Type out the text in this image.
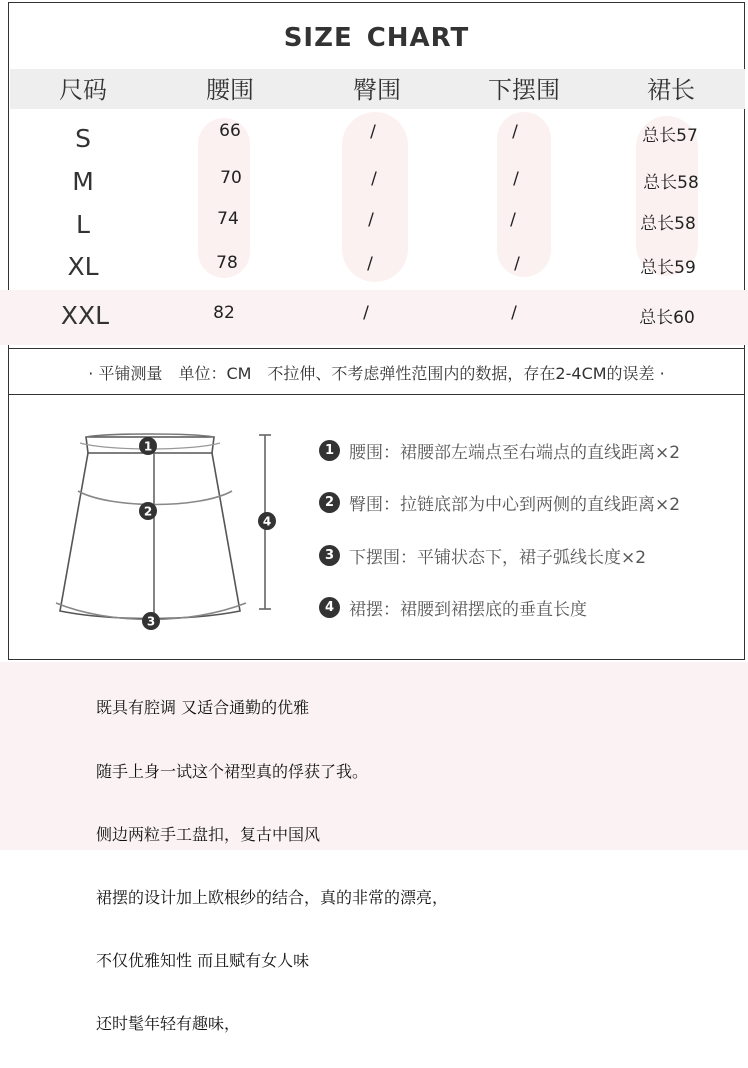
SIZE CHART
尺码	腰围	臀围	下摆围	裙长
S	66	/	/	总长57
M	70	/	/	总长58
L	74	/	/	总长58
XL	78	/	/	总长59
XXL	82	/	/	总长60
· 平铺测量　单位：CM　不拉伸、不考虑弹性范围内的数据，存在2-4CM的误差 ·
1
2
3
4
1 腰围：裙腰部左端点至右端点的直线距离×2
2 臀围：拉链底部为中心到两侧的直线距离×2
3 下摆围：平铺状态下，裙子弧线长度×2
4 裙摆：裙腰到裙摆底的垂直长度
既具有腔调 又适合通勤的优雅
随手上身一试这个裙型真的俘获了我。
侧边两粒手工盘扣，复古中国风
裙摆的设计加上欧根纱的结合，真的非常的漂亮，
不仅优雅知性 而且赋有女人味
还时髦年轻有趣味，
